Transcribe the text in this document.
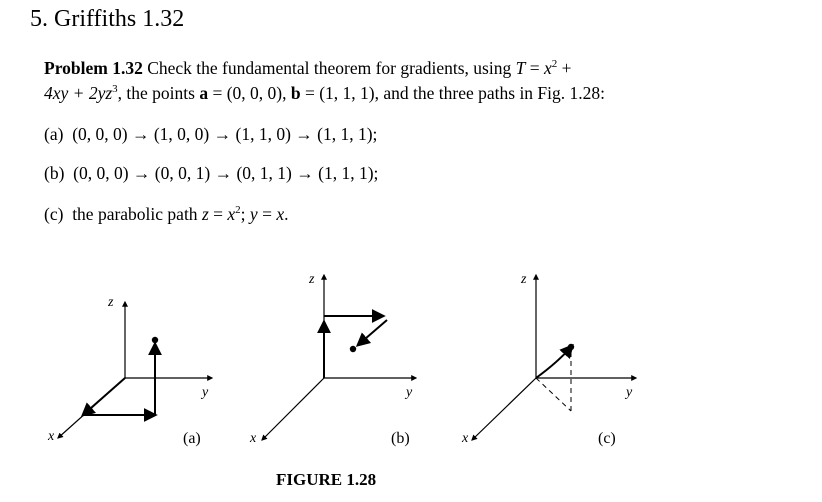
5. Griffiths 1.32
Problem 1.32 Check the fundamental theorem for gradients, using $T = x^2$ +
$4xy + 2yz^3$, the points a = (0, 0, 0), b = (1, 1, 1), and the three paths in Fig. 1.28:
(a) (0, 0, 0) → (1, 0, 0) → (1, 1, 0) → (1, 1, 1);
(b) (0, 0, 0) → (0, 0, 1) → (0, 1, 1) → (1, 1, 1);
(c) the parabolic path $z = x^2$; y = x.
z
y
x	(a)
z
y
x	(b)
z
y
x	(c)
FIGURE 1.28
